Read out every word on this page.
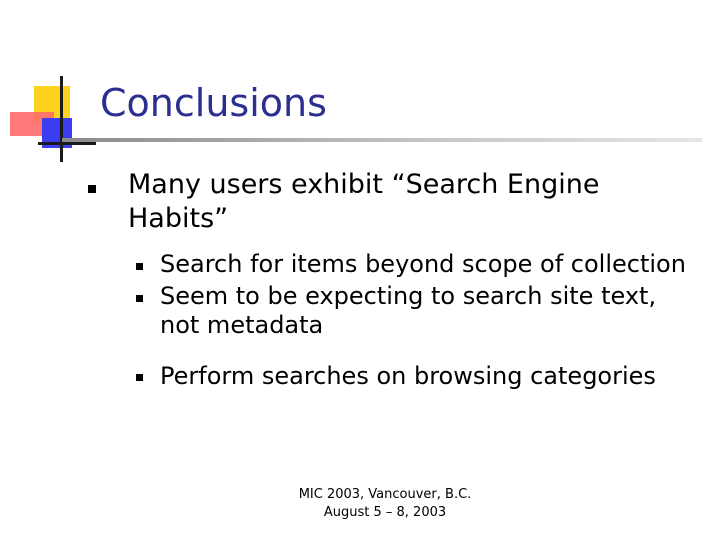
Conclusions
Many users exhibit “Search Engine Habits”
Search for items beyond scope of collection
Seem to be expecting to search site text, not metadata
Perform searches on browsing categories
MIC 2003, Vancouver, B.C.
August 5 – 8, 2003
